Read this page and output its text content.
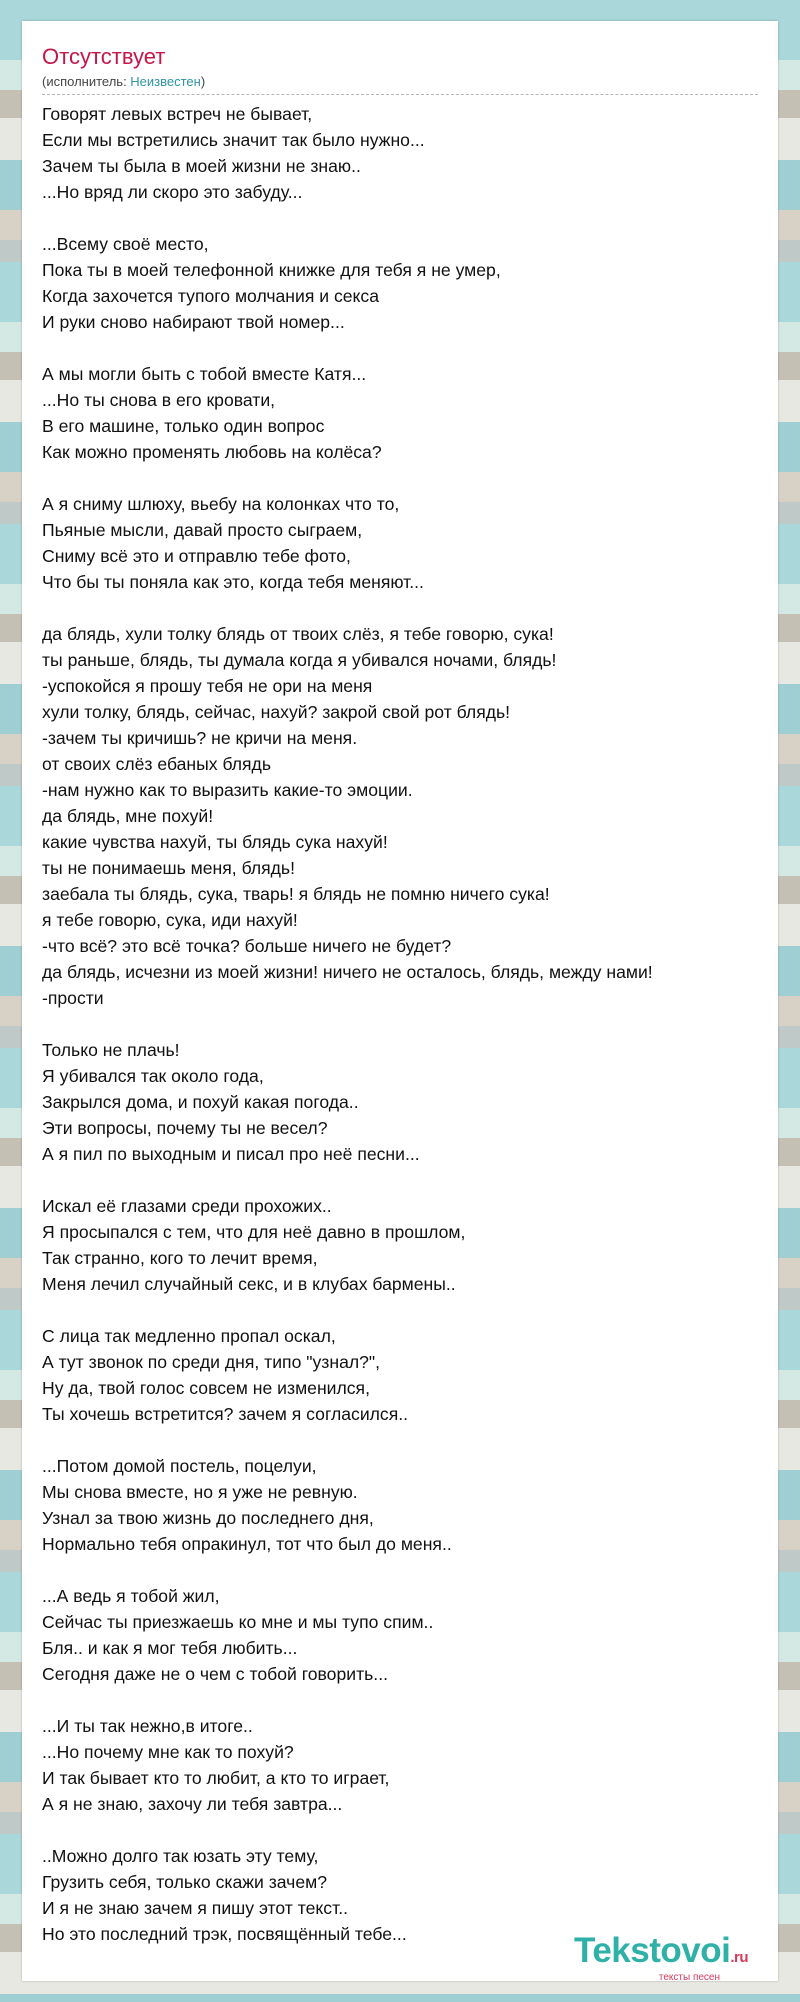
Отсутствует
(исполнитель: Неизвестен)
Говорят левых встреч не бывает,
Если мы встретились значит так было нужно...
Зачем ты была в моей жизни не знаю..
...Но вряд ли скоро это забуду...
...Всему своё место,
Пока ты в моей телефонной книжке для тебя я не умер,
Когда захочется тупого молчания и секса
И руки сново набирают твой номер...
А мы могли быть с тобой вместе Катя...
...Но ты снова в его кровати,
В его машине, только один вопрос
Как можно променять любовь на колёса?
А я сниму шлюху, вьебу на колонках что то,
Пьяные мысли, давай просто сыграем,
Сниму всё это и отправлю тебе фото,
Что бы ты поняла как это, когда тебя меняют...
да блядь, хули толку блядь от твоих слёз, я тебе говорю, сука!
ты раньше, блядь, ты думала когда я убивался ночами, блядь!
-успокойся я прошу тебя не ори на меня
хули толку, блядь, сейчас, нахуй? закрой свой рот блядь!
-зачем ты кричишь? не кричи на меня.
от своих слёз ебаных блядь
-нам нужно как то выразить какие-то эмоции.
да блядь, мне похуй!
какие чувства нахуй, ты блядь сука нахуй!
ты не понимаешь меня, блядь!
заебала ты блядь, сука, тварь! я блядь не помню ничего сука!
я тебе говорю, сука, иди нахуй!
-что всё? это всё точка? больше ничего не будет?
да блядь, исчезни из моей жизни! ничего не осталось, блядь, между нами!
-прости
Только не плачь!
Я убивался так около года,
Закрылся дома, и похуй какая погода..
Эти вопросы, почему ты не весел?
А я пил по выходным и писал про неё песни...
Искал её глазами среди прохожих..
Я просыпался с тем, что для неё давно в прошлом,
Так странно, кого то лечит время,
Меня лечил случайный секс, и в клубах бармены..
С лица так медленно пропал оскал,
А тут звонок по среди дня, типо "узнал?",
Ну да, твой голос совсем не изменился,
Ты хочешь встретится? зачем я согласился..
...Потом домой постель, поцелуи,
Мы снова вместе, но я уже не ревную.
Узнал за твою жизнь до последнего дня,
Нормально тебя опракинул, тот что был до меня..
...А ведь я тобой жил,
Сейчас ты приезжаешь ко мне и мы тупо спим..
Бля.. и как я мог тебя любить...
Сегодня даже не о чем с тобой говорить...
...И ты так нежно,в итоге..
...Но почему мне как то похуй?
И так бывает кто то любит, а кто то играет,
А я не знаю, захочу ли тебя завтра...
..Можно долго так юзать эту тему,
Грузить себя, только скажи зачем?
И я не знаю зачем я пишу этот текст..
Но это последний трэк, посвящённый тебе...	Tekstovoi.ru
тексты песен
